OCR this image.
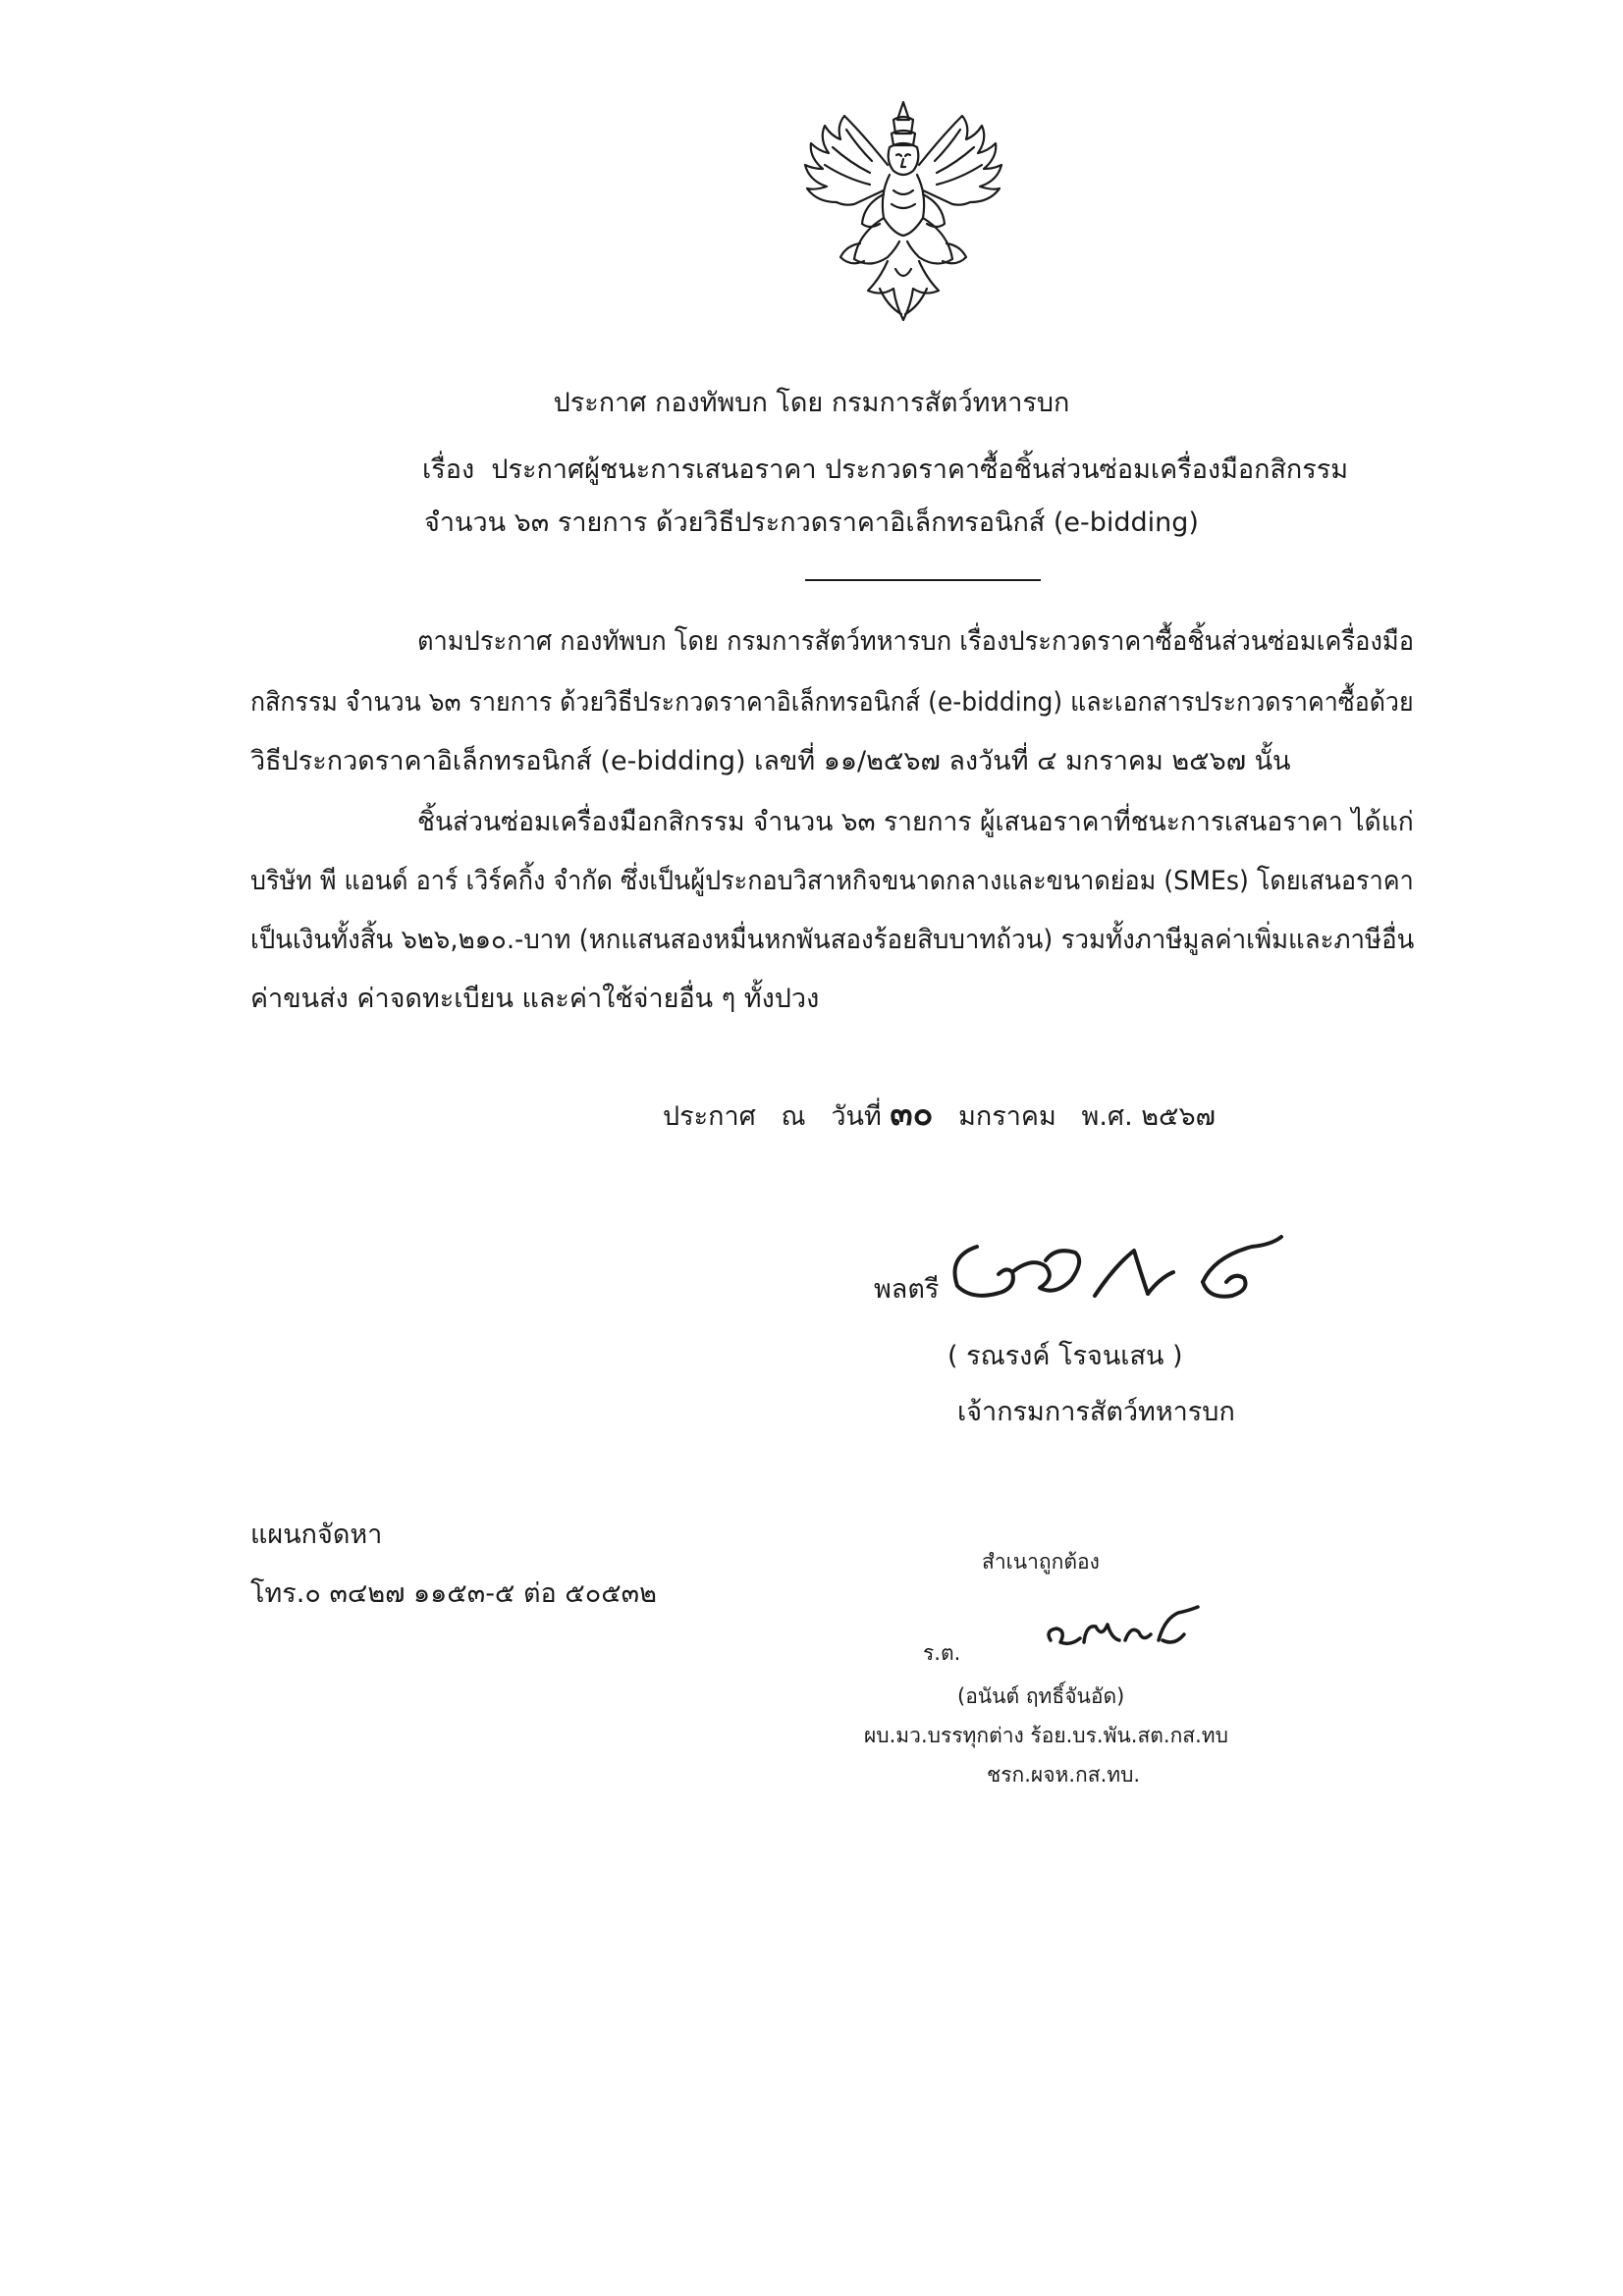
ประกาศ กองทัพบก โดย กรมการสัตว์ทหารบก
เรื่อง ประกาศผู้ชนะการเสนอราคา ประกวดราคาซื้อชิ้นส่วนซ่อมเครื่องมือกสิกรรม
จำนวน ๖๓ รายการ ด้วยวิธีประกวดราคาอิเล็กทรอนิกส์ (e-bidding)
ตามประกาศ กองทัพบก โดย กรมการสัตว์ทหารบก เรื่องประกวดราคาซื้อชิ้นส่วนซ่อมเครื่องมือ
กสิกรรม จำนวน ๖๓ รายการ ด้วยวิธีประกวดราคาอิเล็กทรอนิกส์ (e-bidding) และเอกสารประกวดราคาซื้อด้วย
วิธีประกวดราคาอิเล็กทรอนิกส์ (e-bidding) เลขที่ ๑๑/๒๕๖๗ ลงวันที่ ๔ มกราคม ๒๕๖๗ นั้น
ชิ้นส่วนซ่อมเครื่องมือกสิกรรม จำนวน ๖๓ รายการ ผู้เสนอราคาที่ชนะการเสนอราคา ได้แก่
บริษัท พี แอนด์ อาร์ เวิร์คกิ้ง จำกัด ซึ่งเป็นผู้ประกอบวิสาหกิจขนาดกลางและขนาดย่อม (SMEs) โดยเสนอราคา
เป็นเงินทั้งสิ้น ๖๒๖,๒๑๐.-บาท (หกแสนสองหมื่นหกพันสองร้อยสิบบาทถ้วน) รวมทั้งภาษีมูลค่าเพิ่มและภาษีอื่น
ค่าขนส่ง ค่าจดทะเบียน และค่าใช้จ่ายอื่น ๆ ทั้งปวง
ประกาศ ณ วันที่ ๓๐ มกราคม พ.ศ. ๒๕๖๗
พลตรี
( รณรงค์ โรจนเสน )
เจ้ากรมการสัตว์ทหารบก
แผนกจัดหา
โทร.๐ ๓๔๒๗ ๑๑๕๓-๕ ต่อ ๕๐๕๓๒
สำเนาถูกต้อง
ร.ต.
(อนันต์ ฤทธิ์จันอัด)
ผบ.มว.บรรทุกต่าง ร้อย.บร.พัน.สต.กส.ทบ
ชรก.ผจห.กส.ทบ.
